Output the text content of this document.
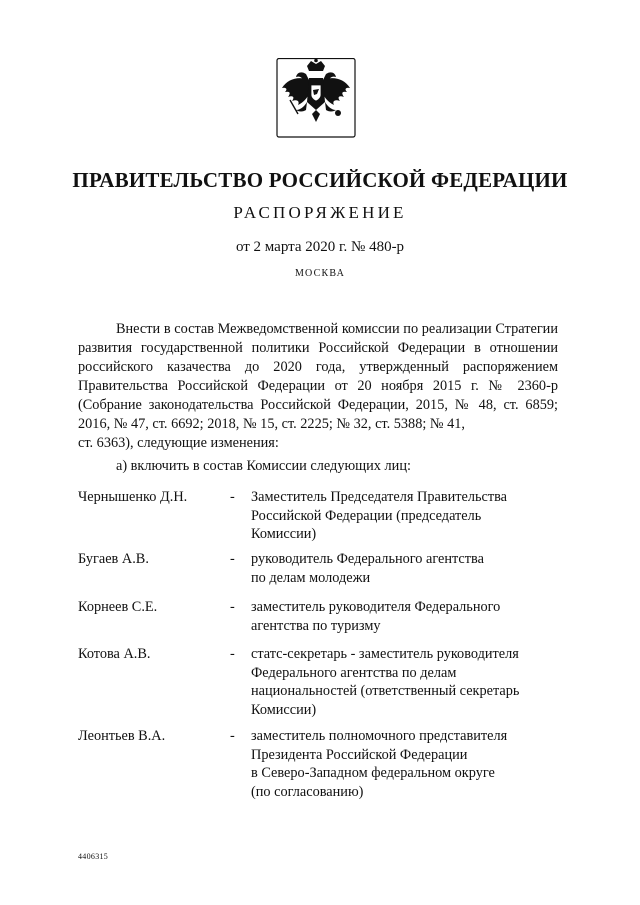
ПРАВИТЕЛЬСТВО РОССИЙСКОЙ ФЕДЕРАЦИИ
РАСПОРЯЖЕНИЕ
от 2 марта 2020 г. № 480-р
МОСКВА
Внести в состав Межведомственной комиссии по реализации Стратегии развития государственной политики Российской Федерации в отношении российского казачества до 2020 года, утвержденный распоряжением Правительства Российской Федерации от 20 ноября 2015 г. № 2360-р (Собрание законодательства Российской Федерации, 2015, № 48, ст. 6859; 2016, № 47, ст. 6692; 2018, № 15, ст. 2225; № 32, ст. 5388; № 41,
ст. 6363), следующие изменения:
а) включить в состав Комиссии следующих лиц:
Чернышенко Д.Н.	- Заместитель Председателя Правительства
Российской Федерации (председатель
Комиссии)
Бугаев А.В.	- руководитель Федерального агентства
по делам молодежи
Корнеев С.Е.	- заместитель руководителя Федерального
агентства по туризму
Котова А.В.	- статс-секретарь - заместитель руководителя
Федерального агентства по делам
национальностей (ответственный секретарь
Комиссии)
Леонтьев В.А.	- заместитель полномочного представителя
Президента Российской Федерации
в Северо-Западном федеральном округе
(по согласованию)
4406315
